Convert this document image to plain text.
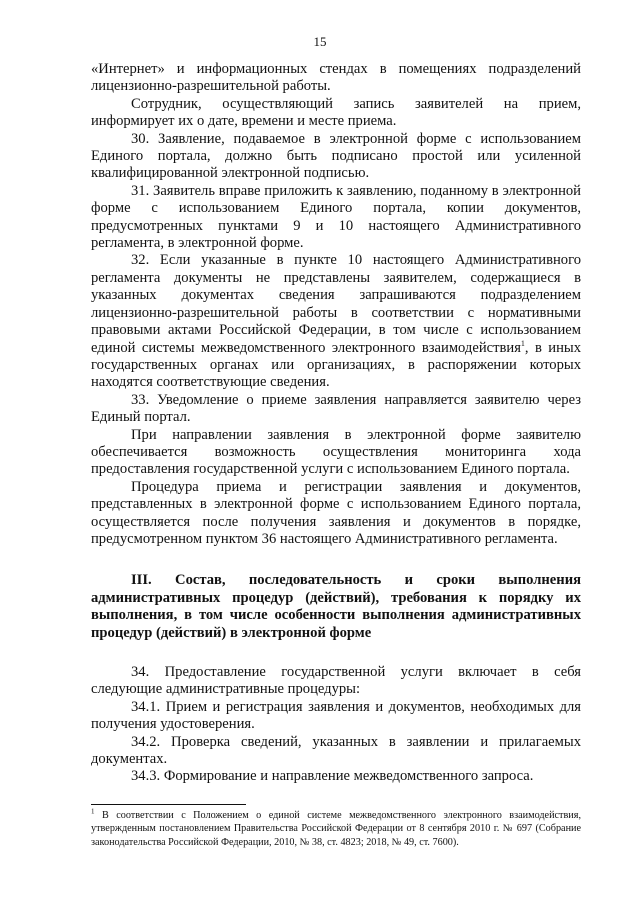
15

«Интернет» и информационных стендах в помещениях подразделений лицензионно-разрешительной работы.

Сотрудник, осуществляющий запись заявителей на прием, информирует их о дате, времени и месте приема.

30. Заявление, подаваемое в электронной форме с использованием Единого портала, должно быть подписано простой или усиленной квалифицированной электронной подписью.

31. Заявитель вправе приложить к заявлению, поданному в электронной форме с использованием Единого портала, копии документов, предусмотренных пунктами 9 и 10 настоящего Административного регламента, в электронной форме.

32. Если указанные в пункте 10 настоящего Административного регламента документы не представлены заявителем, содержащиеся в указанных документах сведения запрашиваются подразделением лицензионно-разрешительной работы в соответствии с нормативными правовыми актами Российской Федерации, в том числе с использованием единой системы межведомственного электронного взаимодействия$^1$, в иных государственных органах или организациях, в распоряжении которых находятся соответствующие сведения.

33. Уведомление о приеме заявления направляется заявителю через Единый портал.

При направлении заявления в электронной форме заявителю обеспечивается возможность осуществления мониторинга хода предоставления государственной услуги с использованием Единого портала.

Процедура приема и регистрации заявления и документов, представленных в электронной форме с использованием Единого портала, осуществляется после получения заявления и документов в порядке, предусмотренном пунктом 36 настоящего Административного регламента.

III. Состав, последовательность и сроки выполнения административных процедур (действий), требования к порядку их выполнения, в том числе особенности выполнения административных процедур (действий) в электронной форме

34. Предоставление государственной услуги включает в себя следующие административные процедуры:

34.1. Прием и регистрация заявления и документов, необходимых для получения удостоверения.

34.2. Проверка сведений, указанных в заявлении и прилагаемых документах.

34.3. Формирование и направление межведомственного запроса.

$^1$ В соответствии с Положением о единой системе межведомственного электронного взаимодействия, утвержденным постановлением Правительства Российской Федерации от 8 сентября 2010 г. № 697 (Собрание законодательства Российской Федерации, 2010, № 38, ст. 4823; 2018, № 49, ст. 7600).
